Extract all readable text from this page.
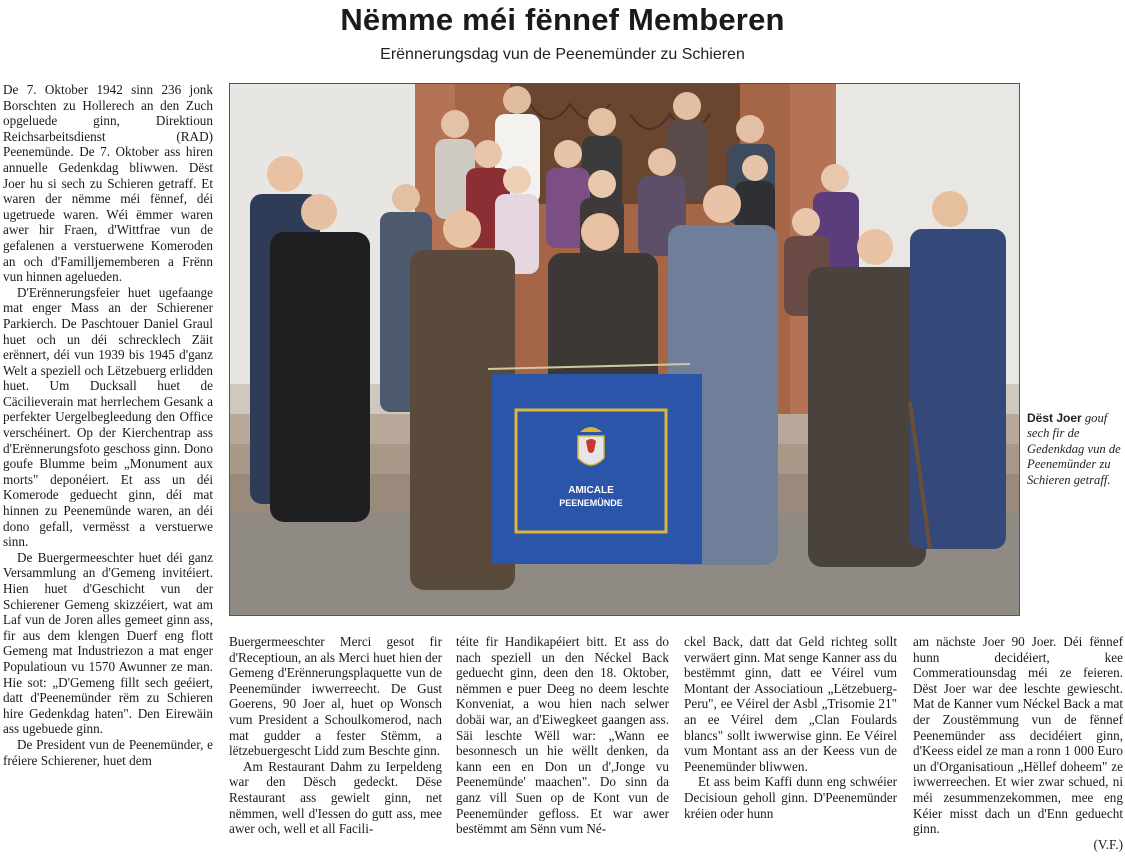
Nëmme méi fënnef Memberen
Erënnerungsdag vun de Peenemünder zu Schieren

De 7. Oktober 1942 sinn 236 jonk Borschten zu Hollerech an den Zuch opgeluede ginn, Direktioun Reichsarbeitsdienst (RAD) Peenemünde. De 7. Oktober ass hiren annuelle Gedenkdag bliwwen. Dëst Joer hu si sech zu Schieren getraff. Et waren der nëmme méi fënnef, déi ugetruede waren. Wéi ëmmer waren awer hir Fraen, d'Wittfrae vun de gefalenen a verstuerwene Komeroden an och d'Familljememberen a Frënn vun hinnen agelueden.

D'Erënnerungsfeier huet ugefaange mat enger Mass an der Schierener Parkierch. De Paschtouer Daniel Graul huet och un déi schrecklech Zäit erënnert, déi vun 1939 bis 1945 d'ganz Welt a speziell och Lëtzebuerg erlidden huet. Um Ducksall huet de Cäcilieverain mat herrlechem Gesank a perfekter Uergelbegleedung den Office verschéinert. Op der Kierchentrap ass d'Erënnerungsfoto geschoss ginn. Dono goufe Blumme beim „Monument aux morts" deponéiert. Et ass un déi Komerode geduecht ginn, déi mat hinnen zu Peenemünde waren, an déi dono gefall, vermësst a verstuerwe sinn.

De Buergermeeschter huet déi ganz Versammlung an d'Gemeng invitéiert. Hien huet d'Geschicht vun der Schierener Gemeng skizzéiert, wat am Laf vun de Joren alles gemeet ginn ass, fir aus dem klengen Duerf eng flott Gemeng mat Industriezon a mat enger Populatioun vu 1570 Awunner ze man. Hie sot: „D'Gemeng fillt sech geéiert, datt d'Peenemünder rëm zu Schieren hire Gedenkdag haten". Den Eirewäin ass ugebuede ginn.

De President vun de Peenemünder, e fréiere Schierener, huet dem

AMICALE
PEENEMÜNDE
Dëst Joer gouf sech fir de Gedenkdag vun de Peenemünder zu Schieren getraff.

Buergermeeschter Merci gesot fir d'Receptioun, an als Merci huet hien der Gemeng d'Erënnerungsplaquette vun de Peenemünder iwwerreecht. De Gust Goerens, 90 Joer al, huet op Wonsch vum President a Schoulkomerod, nach mat gudder a fester Stëmm, a lëtzebuergescht Lidd zum Beschte ginn.

Am Restaurant Dahm zu Ierpeldeng war den Dësch gedeckt. Dëse Restaurant ass gewielt ginn, net nëmmen, well d'Iessen do gutt ass, mee awer och, well et all Facili-

téite fir Handikapéiert bitt. Et ass do nach speziell un den Néckel Back geduecht ginn, deen den 18. Oktober, nëmmen e puer Deeg no deem leschte Konveniat, a wou hien nach selwer dobäi war, an d'Eiwegkeet gaangen ass. Säi leschte Wëll war: „Wann ee besonnesch un hie wëllt denken, da kann een en Don un d',Jonge vu Peenemünde' maachen". Do sinn da ganz vill Suen op de Kont vun de Peenemünder gefloss. Et war awer bestëmmt am Sënn vum Né-

ckel Back, datt dat Geld richteg sollt verwäert ginn. Mat senge Kanner ass du bestëmmt ginn, datt ee Véirel vum Montant der Associatioun „Lëtzebuerg-Peru", ee Véirel der Asbl „Trisomie 21" an ee Véirel dem „Clan Foulards blancs" sollt iwwerwise ginn. Ee Véirel vum Montant ass an der Keess vun de Peenemünder bliwwen.

Et ass beim Kaffi dunn eng schwéier Decisioun geholl ginn. D'Peenemünder kréien oder hunn

am nächste Joer 90 Joer. Déi fënnef hunn decidéiert, kee Commeratiounsdag méi ze feieren. Dëst Joer war dee leschte gewiescht. Mat de Kanner vum Néckel Back a mat der Zoustëmmung vun de fënnef Peenemünder ass decidéiert ginn, d'Keess eidel ze man a ronn 1 000 Euro un d'Organisatioun „Hëllef doheem" ze iwwerreechen. Et wier zwar schued, ni méi zesummenzekommen, mee eng Kéier misst dach un d'Enn geduecht ginn.

(V.F.)
